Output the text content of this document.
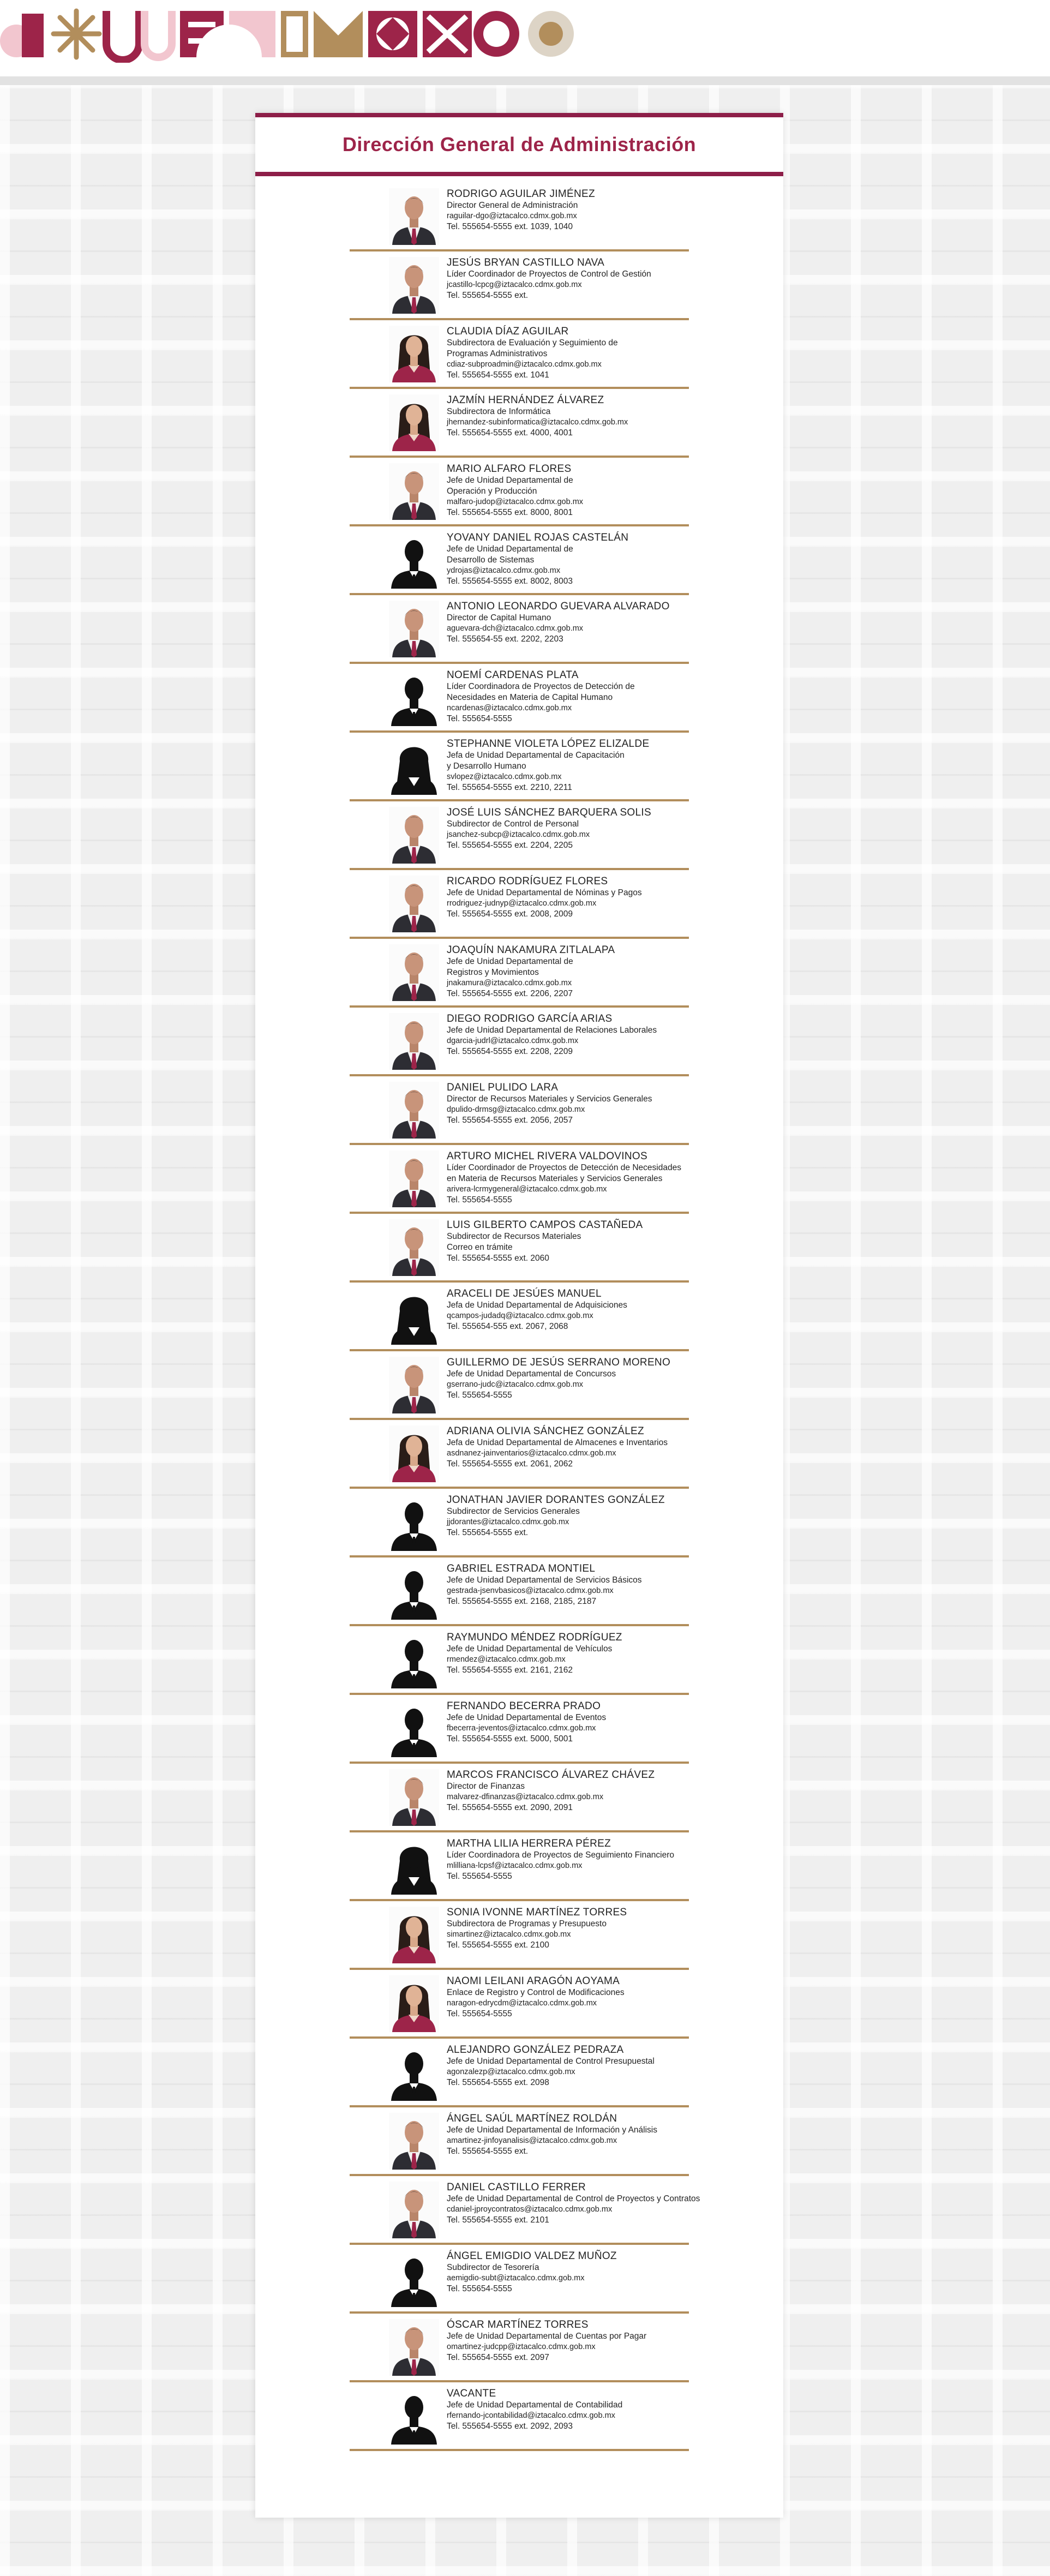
Dirección General de Administración
RODRIGO AGUILAR JIMÉNEZ
Director General de Administración
raguilar-dgo@iztacalco.cdmx.gob.mx
Tel. 555654-5555 ext. 1039, 1040
JESÚS BRYAN CASTILLO NAVA
Líder Coordinador de Proyectos de Control de Gestión
jcastillo-lcpcg@iztacalco.cdmx.gob.mx
Tel. 555654-5555 ext.
CLAUDIA DÍAZ AGUILAR
Subdirectora de Evaluación y Seguimiento de
Programas Administrativos
cdiaz-subproadmin@iztacalco.cdmx.gob.mx
Tel. 555654-5555 ext. 1041
JAZMÍN HERNÁNDEZ ÁLVAREZ
Subdirectora de Informática
jhernandez-subinformatica@iztacalco.cdmx.gob.mx
Tel. 555654-5555 ext. 4000, 4001
MARIO ALFARO FLORES
Jefe de Unidad Departamental de
Operación y Producción
malfaro-judop@iztacalco.cdmx.gob.mx
Tel. 555654-5555 ext. 8000, 8001
YOVANY DANIEL ROJAS CASTELÁN
Jefe de Unidad Departamental de
Desarrollo de Sistemas
ydrojas@iztacalco.cdmx.gob.mx
Tel. 555654-5555 ext. 8002, 8003
ANTONIO LEONARDO GUEVARA ALVARADO
Director de Capital Humano
aguevara-dch@iztacalco.cdmx.gob.mx
Tel. 555654-55 ext. 2202, 2203
NOEMÍ CARDENAS PLATA
Líder Coordinadora de Proyectos de Detección de
Necesidades en Materia de Capital Humano
ncardenas@iztacalco.cdmx.gob.mx
Tel. 555654-5555
STEPHANNE VIOLETA LÓPEZ ELIZALDE
Jefa de Unidad Departamental de Capacitación
y Desarrollo Humano
svlopez@iztacalco.cdmx.gob.mx
Tel. 555654-5555 ext. 2210, 2211
JOSÉ LUIS SÁNCHEZ BARQUERA SOLIS
Subdirector de Control de Personal
jsanchez-subcp@iztacalco.cdmx.gob.mx
Tel. 555654-5555 ext. 2204, 2205
RICARDO RODRÍGUEZ FLORES
Jefe de Unidad Departamental de Nóminas y Pagos
rrodriguez-judnyp@iztacalco.cdmx.gob.mx
Tel. 555654-5555 ext. 2008, 2009
JOAQUÍN NAKAMURA ZITLALAPA
Jefe de Unidad Departamental de
Registros y Movimientos
jnakamura@iztacalco.cdmx.gob.mx
Tel. 555654-5555 ext. 2206, 2207
DIEGO RODRIGO GARCÍA ARIAS
Jefe de Unidad Departamental de Relaciones Laborales
dgarcia-judrl@iztacalco.cdmx.gob.mx
Tel. 555654-5555 ext. 2208, 2209
DANIEL PULIDO LARA
Director de Recursos Materiales y Servicios Generales
dpulido-drmsg@iztacalco.cdmx.gob.mx
Tel. 555654-5555 ext. 2056, 2057
ARTURO MICHEL RIVERA VALDOVINOS
Líder Coordinador de Proyectos de Detección de Necesidades
en Materia de Recursos Materiales y Servicios Generales
arivera-lcrmygeneral@iztacalco.cdmx.gob.mx
Tel. 555654-5555
LUIS GILBERTO CAMPOS CASTAÑEDA
Subdirector de Recursos Materiales
Correo en trámite
Tel. 555654-5555 ext. 2060
ARACELI DE JESÚES MANUEL
Jefa de Unidad Departamental de Adquisiciones
qcampos-judadq@iztacalco.cdmx.gob.mx
Tel. 555654-555 ext. 2067, 2068
GUILLERMO DE JESÚS SERRANO MORENO
Jefe de Unidad Departamental de Concursos
gserrano-judc@iztacalco.cdmx.gob.mx
Tel. 555654-5555
ADRIANA OLIVIA SÁNCHEZ GONZÁLEZ
Jefa de Unidad Departamental de Almacenes e Inventarios
asdnanez-jainventarios@iztacalco.cdmx.gob.mx
Tel. 555654-5555 ext. 2061, 2062
JONATHAN JAVIER DORANTES GONZÁLEZ
Subdirector de Servicios Generales
jjdorantes@iztacalco.cdmx.gob.mx
Tel. 555654-5555 ext.
GABRIEL ESTRADA MONTIEL
Jefe de Unidad Departamental de Servicios Básicos
gestrada-jsenvbasicos@iztacalco.cdmx.gob.mx
Tel. 555654-5555 ext. 2168, 2185, 2187
RAYMUNDO MÉNDEZ RODRÍGUEZ
Jefe de Unidad Departamental de Vehículos
rmendez@iztacalco.cdmx.gob.mx
Tel. 555654-5555 ext. 2161, 2162
FERNANDO BECERRA PRADO
Jefe de Unidad Departamental de Eventos
fbecerra-jeventos@iztacalco.cdmx.gob.mx
Tel. 555654-5555 ext. 5000, 5001
MARCOS FRANCISCO ÁLVAREZ CHÁVEZ
Director de Finanzas
malvarez-dfinanzas@iztacalco.cdmx.gob.mx
Tel. 555654-5555 ext. 2090, 2091
MARTHA LILIA HERRERA PÉREZ
Líder Coordinadora de Proyectos de Seguimiento Financiero
mlilliana-lcpsf@iztacalco.cdmx.gob.mx
Tel. 555654-5555
SONIA IVONNE MARTÍNEZ TORRES
Subdirectora de Programas y Presupuesto
simartinez@iztacalco.cdmx.gob.mx
Tel. 555654-5555 ext. 2100
NAOMI LEILANI ARAGÓN AOYAMA
Enlace de Registro y Control de Modificaciones
naragon-edrycdm@iztacalco.cdmx.gob.mx
Tel. 555654-5555
ALEJANDRO GONZÁLEZ PEDRAZA
Jefe de Unidad Departamental de Control Presupuestal
agonzalezp@iztacalco.cdmx.gob.mx
Tel. 555654-5555 ext. 2098
ÁNGEL SAÚL MARTÍNEZ ROLDÁN
Jefe de Unidad Departamental de Información y Análisis
amartinez-jinfoyanalisis@iztacalco.cdmx.gob.mx
Tel. 555654-5555 ext.
DANIEL CASTILLO FERRER
Jefe de Unidad Departamental de Control de Proyectos y Contratos
cdaniel-jproycontratos@iztacalco.cdmx.gob.mx
Tel. 555654-5555 ext. 2101
ÁNGEL EMIGDIO VALDEZ MUÑOZ
Subdirector de Tesorería
aemigdio-subt@iztacalco.cdmx.gob.mx
Tel. 555654-5555
ÓSCAR MARTÍNEZ TORRES
Jefe de Unidad Departamental de Cuentas por Pagar
omartinez-judcpp@iztacalco.cdmx.gob.mx
Tel. 555654-5555 ext. 2097
VACANTE
Jefe de Unidad Departamental de Contabilidad
rfernando-jcontabilidad@iztacalco.cdmx.gob.mx
Tel. 555654-5555 ext. 2092, 2093
